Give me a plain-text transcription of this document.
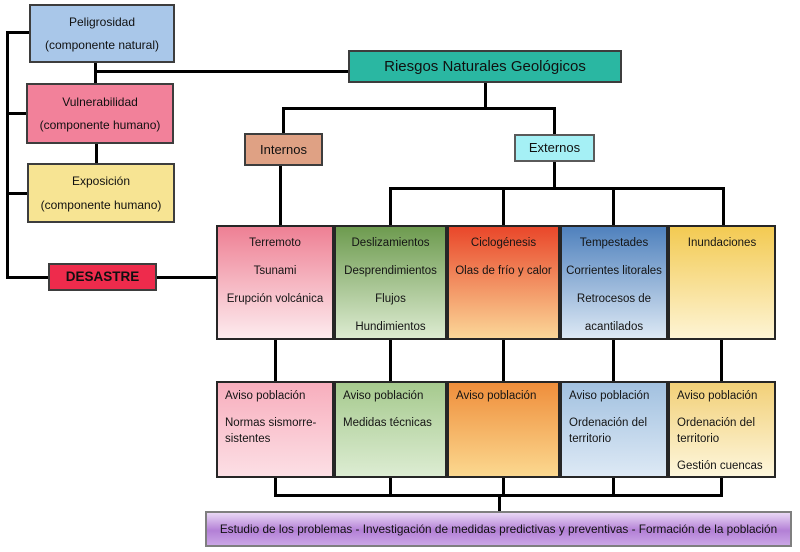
Peligrosidad
(componente natural)
Vulnerabilidad
(componente humano)
Exposición
(componente humano)
DESASTRE
Riesgos Naturales Geológicos
Internos	Externos
Terremoto
Tsunami
Erupción volcánica
Deslizamientos
Desprendimientos
Flujos
Hundimientos
Ciclogénesis
Olas de frío y calor
Tempestades
Corrientes litorales
Retrocesos de acantilados
Inundaciones
Aviso población
Normas sismorre-sistentes
Aviso población
Medidas técnicas
Aviso población	Aviso población
Ordenación del territorio
Aviso población
Ordenación del territorio
Gestión cuencas
Estudio de los problemas - Investigación de medidas predictivas y preventivas - Formación de la población
